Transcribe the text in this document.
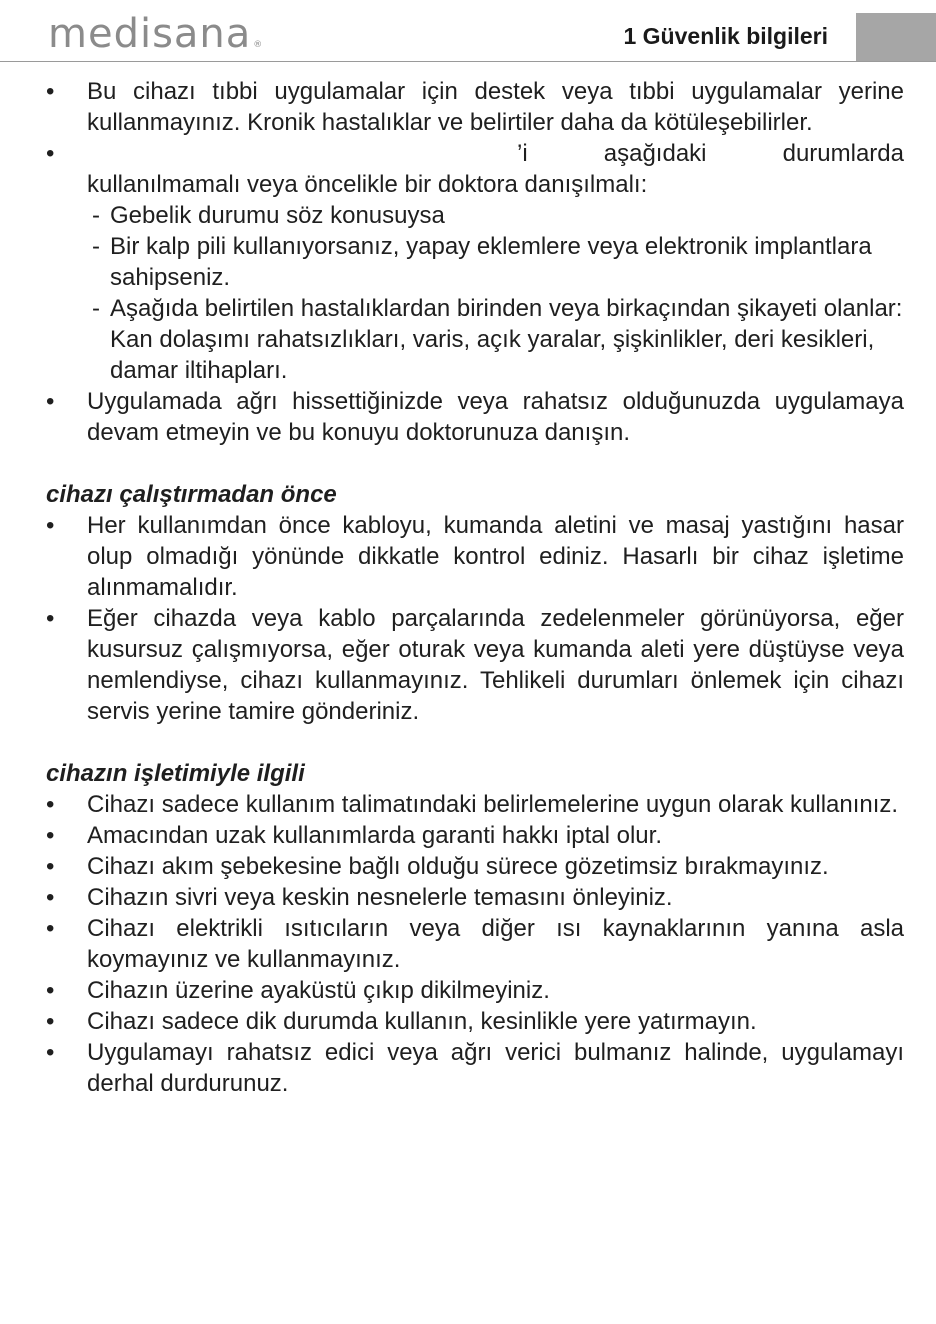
medisana ®	1 Güvenlik bilgileri
• Bu cihazı tıbbi uygulamalar için destek veya tıbbi uygulamalar yerine kullanmayınız. Kronik hastalıklar ve belirtiler daha da kötüleşebilirler.
• ’i aşağıdaki durumlarda kullanılmamalı veya öncelikle bir doktora danışılmalı:
- Gebelik durumu söz konusuysa
- Bir kalp pili kullanıyorsanız, yapay eklemlere veya elektronik implantlara sahipseniz.
- Aşağıda belirtilen hastalıklardan birinden veya birkaçından şikayeti olanlar: Kan dolaşımı rahatsızlıkları, varis, açık yaralar, şişkinlikler, deri kesikleri, damar iltihapları.
• Uygulamada ağrı hissettiğinizde veya rahatsız olduğunuzda uygulamaya devam etmeyin ve bu konuyu doktorunuza danışın.
cihazı çalıştırmadan önce
• Her kullanımdan önce kabloyu, kumanda aletini ve masaj yastığını hasar olup olmadığı yönünde dikkatle kontrol ediniz. Hasarlı bir cihaz işletime alınmamalıdır.
• Eğer cihazda veya kablo parçalarında zedelenmeler görünüyorsa, eğer kusursuz çalışmıyorsa, eğer oturak veya kumanda aleti yere düştüyse veya nemlendiyse, cihazı kullanmayınız. Tehlikeli durumları önlemek için cihazı servis yerine tamire gönderiniz.
cihazın işletimiyle ilgili
• Cihazı sadece kullanım talimatındaki belirlemelerine uygun olarak kullanınız.
• Amacından uzak kullanımlarda garanti hakkı iptal olur.
• Cihazı akım şebekesine bağlı olduğu sürece gözetimsiz bırakmayınız.
• Cihazın sivri veya keskin nesnelerle temasını önleyiniz.
• Cihazı elektrikli ısıtıcıların veya diğer ısı kaynaklarının yanına asla koymayınız ve kullanmayınız.
• Cihazın üzerine ayaküstü çıkıp dikilmeyiniz.
• Cihazı sadece dik durumda kullanın, kesinlikle yere yatırmayın.
• Uygulamayı rahatsız edici veya ağrı verici bulmanız halinde, uygulamayı derhal durdurunuz.
